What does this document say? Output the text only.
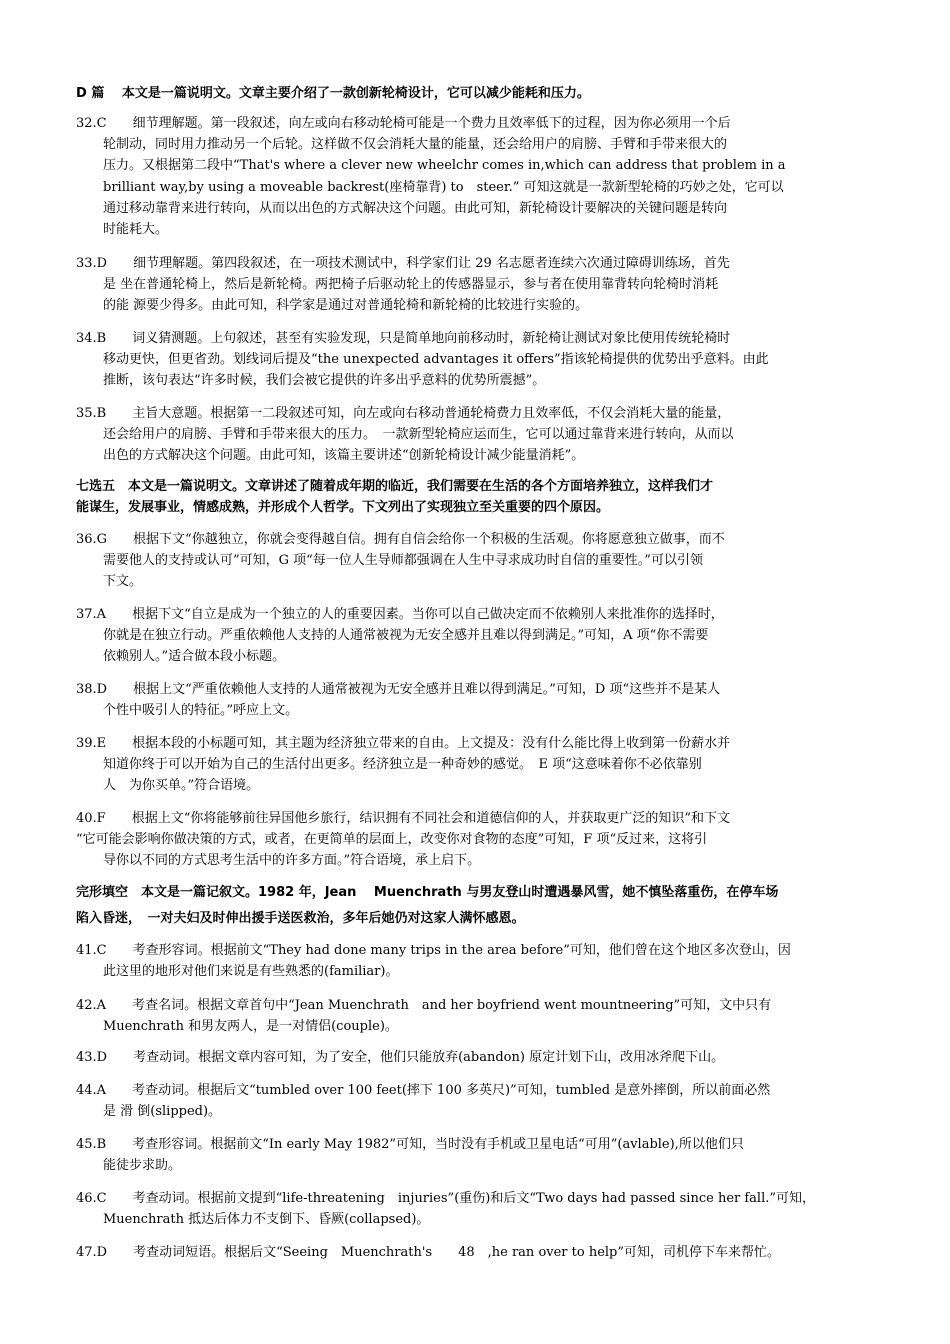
D 篇　 本文是一篇说明文。文章主要介绍了一款创新轮椅设计，它可以减少能耗和压力。
32.C　　细节理解题。第一段叙述，向左或向右移动轮椅可能是一个费力且效率低下的过程，因为你必须用一个后
轮制动，同时用力推动另一个后轮。这样做不仅会消耗大量的能量，还会给用户的肩膀、手臂和手带来很大的
压力。又根据第二段中“That's where a clever new wheelchr comes in,which can address that problem in a
brilliant way,by using a moveable backrest(座椅靠背) to　steer.” 可知这就是一款新型轮椅的巧妙之处，它可以
通过移动靠背来进行转向，从而以出色的方式解决这个问题。由此可知，新轮椅设计要解决的关键问题是转向
时能耗大。
33.D　　细节理解题。第四段叙述，在一项技术测试中，科学家们让 29 名志愿者连续六次通过障碍训练场，首先
是 坐在普通轮椅上，然后是新轮椅。两把椅子后驱动轮上的传感器显示，参与者在使用靠背转向轮椅时消耗
的能 源要少得多。由此可知，科学家是通过对普通轮椅和新轮椅的比较进行实验的。
34.B　　词义猜测题。上句叙述，甚至有实验发现，只是简单地向前移动时，新轮椅让测试对象比使用传统轮椅时
移动更快，但更省劲。划线词后提及“the unexpected advantages it offers”指该轮椅提供的优势出乎意料。由此
推断，该句表达“许多时候，我们会被它提供的许多出乎意料的优势所震撼”。
35.B　　主旨大意题。根据第一二段叙述可知，向左或向右移动普通轮椅费力且效率低，不仅会消耗大量的能量，
还会给用户的肩膀、手臂和手带来很大的压力。　一款新型轮椅应运而生，它可以通过靠背来进行转向，从而以
出色的方式解决这个问题。由此可知，该篇主要讲述“创新轮椅设计减少能量消耗”。
七选五　本文是一篇说明文。文章讲述了随着成年期的临近，我们需要在生活的各个方面培养独立，这样我们才
能谋生，发展事业，情感成熟，并形成个人哲学。下文列出了实现独立至关重要的四个原因。
36.G　　根据下文“你越独立，你就会变得越自信。拥有自信会给你一个积极的生活观。你将愿意独立做事，而不
需要他人的支持或认可”可知，G 项“每一位人生导师都强调在人生中寻求成功时自信的重要性。”可以引领
下文。
37.A　　根据下文“自立是成为一个独立的人的重要因素。当你可以自己做决定而不依赖别人来批准你的选择时，
你就是在独立行动。严重依赖他人支持的人通常被视为无安全感并且难以得到满足。”可知，A 项“你不需要
依赖别人。”适合做本段小标题。
38.D　　根据上文“严重依赖他人支持的人通常被视为无安全感并且难以得到满足。”可知，D 项“这些并不是某人
个性中吸引人的特征。”呼应上文。
39.E　　根据本段的小标题可知，其主题为经济独立带来的自由。上文提及：没有什么能比得上收到第一份薪水并
知道你终于可以开始为自己的生活付出更多。经济独立是一种奇妙的感觉。　E 项“这意味着你不必依靠别
人　为你买单。”符合语境。
40.F　　根据上文“你将能够前往异国他乡旅行，结识拥有不同社会和道德信仰的人，并获取更广泛的知识”和下文
“它可能会影响你做决策的方式，或者，在更简单的层面上，改变你对食物的态度”可知，F 项“反过来，这将引
导你以不同的方式思考生活中的许多方面。”符合语境，承上启下。
完形填空　本文是一篇记叙文。1982 年，Jean　 Muenchrath 与男友登山时遭遇暴风雪，她不慎坠落重伤，在停车场
陷入昏迷，　一对夫妇及时伸出援手送医救治，多年后她仍对这家人满怀感恩。
41.C　　考查形容词。根据前文“They had done many trips in the area before”可知，他们曾在这个地区多次登山，因
此这里的地形对他们来说是有些熟悉的(familiar)。
42.A　　考查名词。根据文章首句中“Jean Muenchrath　and her boyfriend went mountneering”可知，文中只有
Muenchrath 和男友两人，是一对情侣(couple)。
43.D　　考查动词。根据文章内容可知，为了安全，他们只能放弃(abandon) 原定计划下山，改用冰斧爬下山。
44.A　　考查动词。根据后文“tumbled over 100 feet(摔下 100 多英尺)”可知，tumbled 是意外摔倒，所以前面必然
是 滑 倒(slipped)。
45.B　　考查形容词。根据前文“In early May 1982”可知，当时没有手机或卫星电话“可用”(avlable),所以他们只
能徒步求助。
46.C　　考查动词。根据前文提到“life-threatening　injuries”(重伤)和后文“Two days had passed since her fall.”可知，
Muenchrath 抵达后体力不支倒下、昏厥(collapsed)。
47.D　　考查动词短语。根据后文“Seeing　Muenchrath's　　48　,he ran over to help”可知，司机停下车来帮忙。
